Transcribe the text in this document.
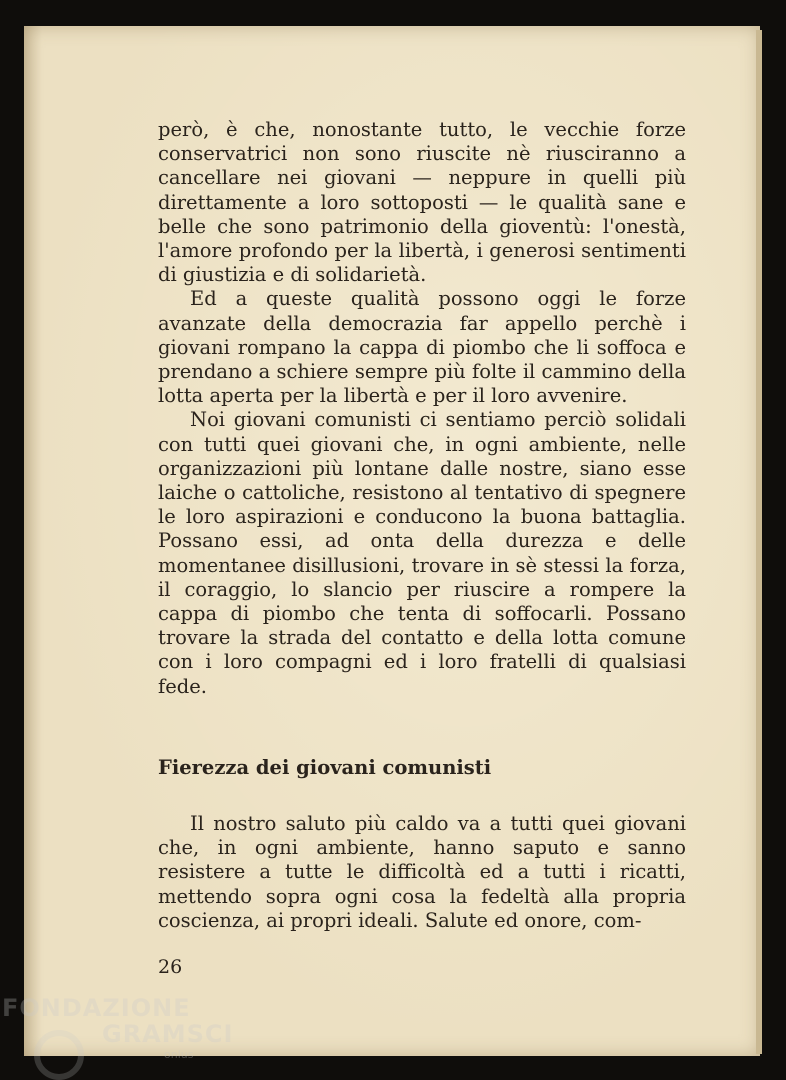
però, è che, nonostante tutto, le vecchie forze conservatrici non sono riuscite nè riusciranno a cancellare nei giovani — neppure in quelli più direttamente a loro sottoposti — le qualità sane e belle che sono patrimonio della gioventù: l'onestà, l'amore profondo per la libertà, i generosi sentimenti di giustizia e di solidarietà.

Ed a queste qualità possono oggi le forze avanzate della democrazia far appello perchè i giovani rompano la cappa di piombo che li soffoca e prendano a schiere sempre più folte il cammino della lotta aperta per la libertà e per il loro avvenire.

Noi giovani comunisti ci sentiamo perciò solidali con tutti quei giovani che, in ogni ambiente, nelle organizzazioni più lontane dalle nostre, siano esse laiche o cattoliche, resistono al tentativo di spegnere le loro aspirazioni e conducono la buona battaglia. Possano essi, ad onta della durezza e delle momentanee disillusioni, trovare in sè stessi la forza, il coraggio, lo slancio per riuscire a rompere la cappa di piombo che tenta di soffocarli. Possano trovare la strada del contatto e della lotta comune con i loro compagni ed i loro fratelli di qualsiasi fede.

Fierezza dei giovani comunisti

Il nostro saluto più caldo va a tutti quei giovani che, in ogni ambiente, hanno saputo e sanno resistere a tutte le difficoltà ed a tutti i ricatti, mettendo sopra ogni cosa la fedeltà alla propria coscienza, ai propri ideali. Salute ed onore, com-

26

FONDAZIONE

GRAMSCI

onlus
